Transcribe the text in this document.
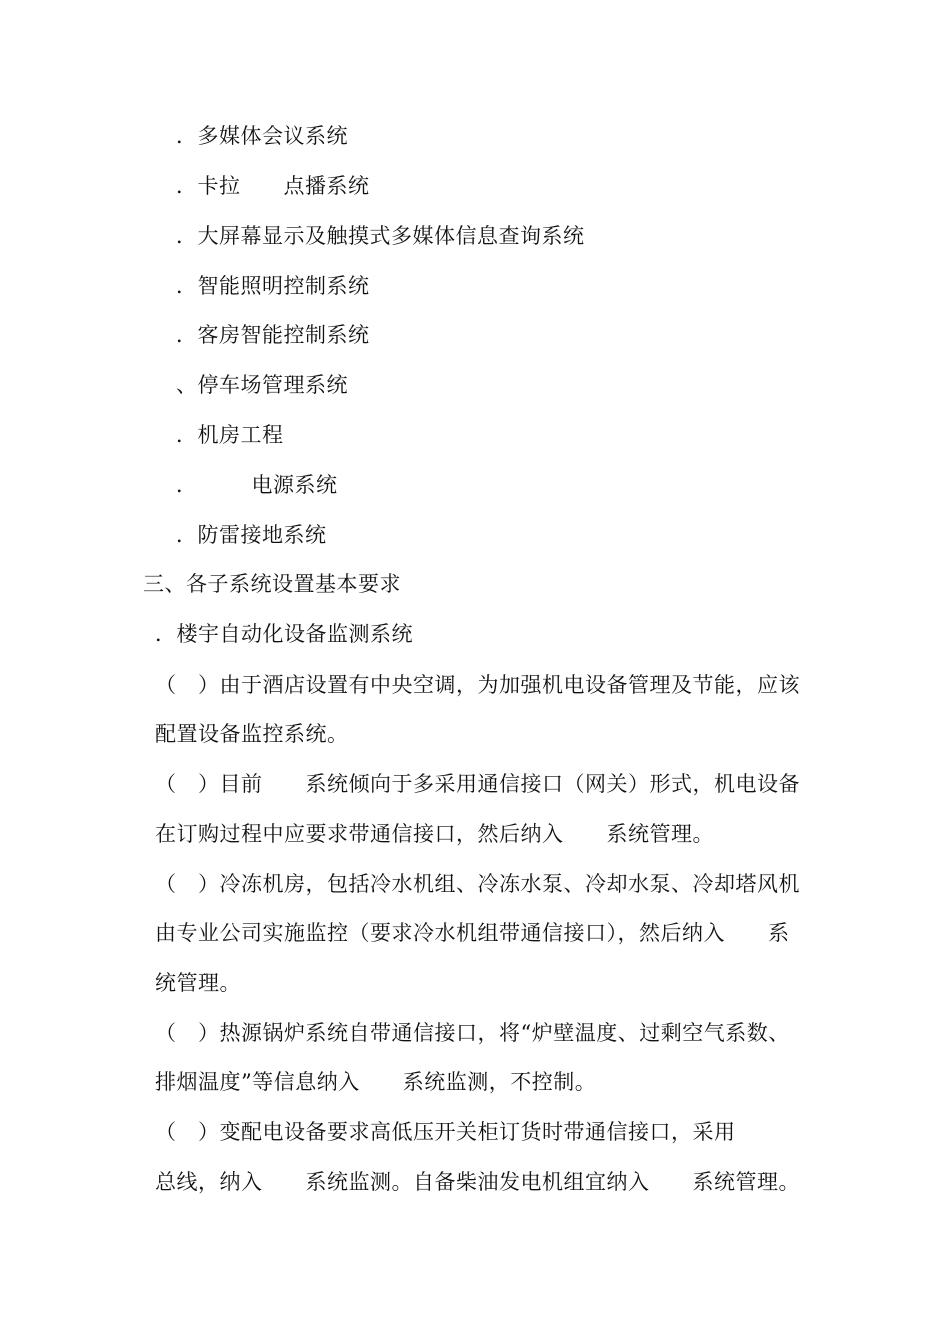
．多媒体会议系统
．卡拉　　点播系统
．大屏幕显示及触摸式多媒体信息查询系统
．智能照明控制系统
．客房智能控制系统
、停车场管理系统
．机房工程
．　　　电源系统
．防雷接地系统
三、各子系统设置基本要求
．楼宇自动化设备监测系统
（　）由于酒店设置有中央空调，为加强机电设备管理及节能，应该
配置设备监控系统。
（　）目前　　系统倾向于多采用通信接口（网关）形式，机电设备
在订购过程中应要求带通信接口，然后纳入　　系统管理。
（　）冷冻机房，包括冷水机组、冷冻水泵、冷却水泵、冷却塔风机
由专业公司实施监控（要求冷水机组带通信接口），然后纳入　　系
统管理。
（　）热源锅炉系统自带通信接口，将“炉壁温度、过剩空气系数、
排烟温度”等信息纳入　　系统监测，不控制。
（　）变配电设备要求高低压开关柜订货时带通信接口，采用
总线，纳入　　系统监测。自备柴油发电机组宜纳入　　系统管理。
